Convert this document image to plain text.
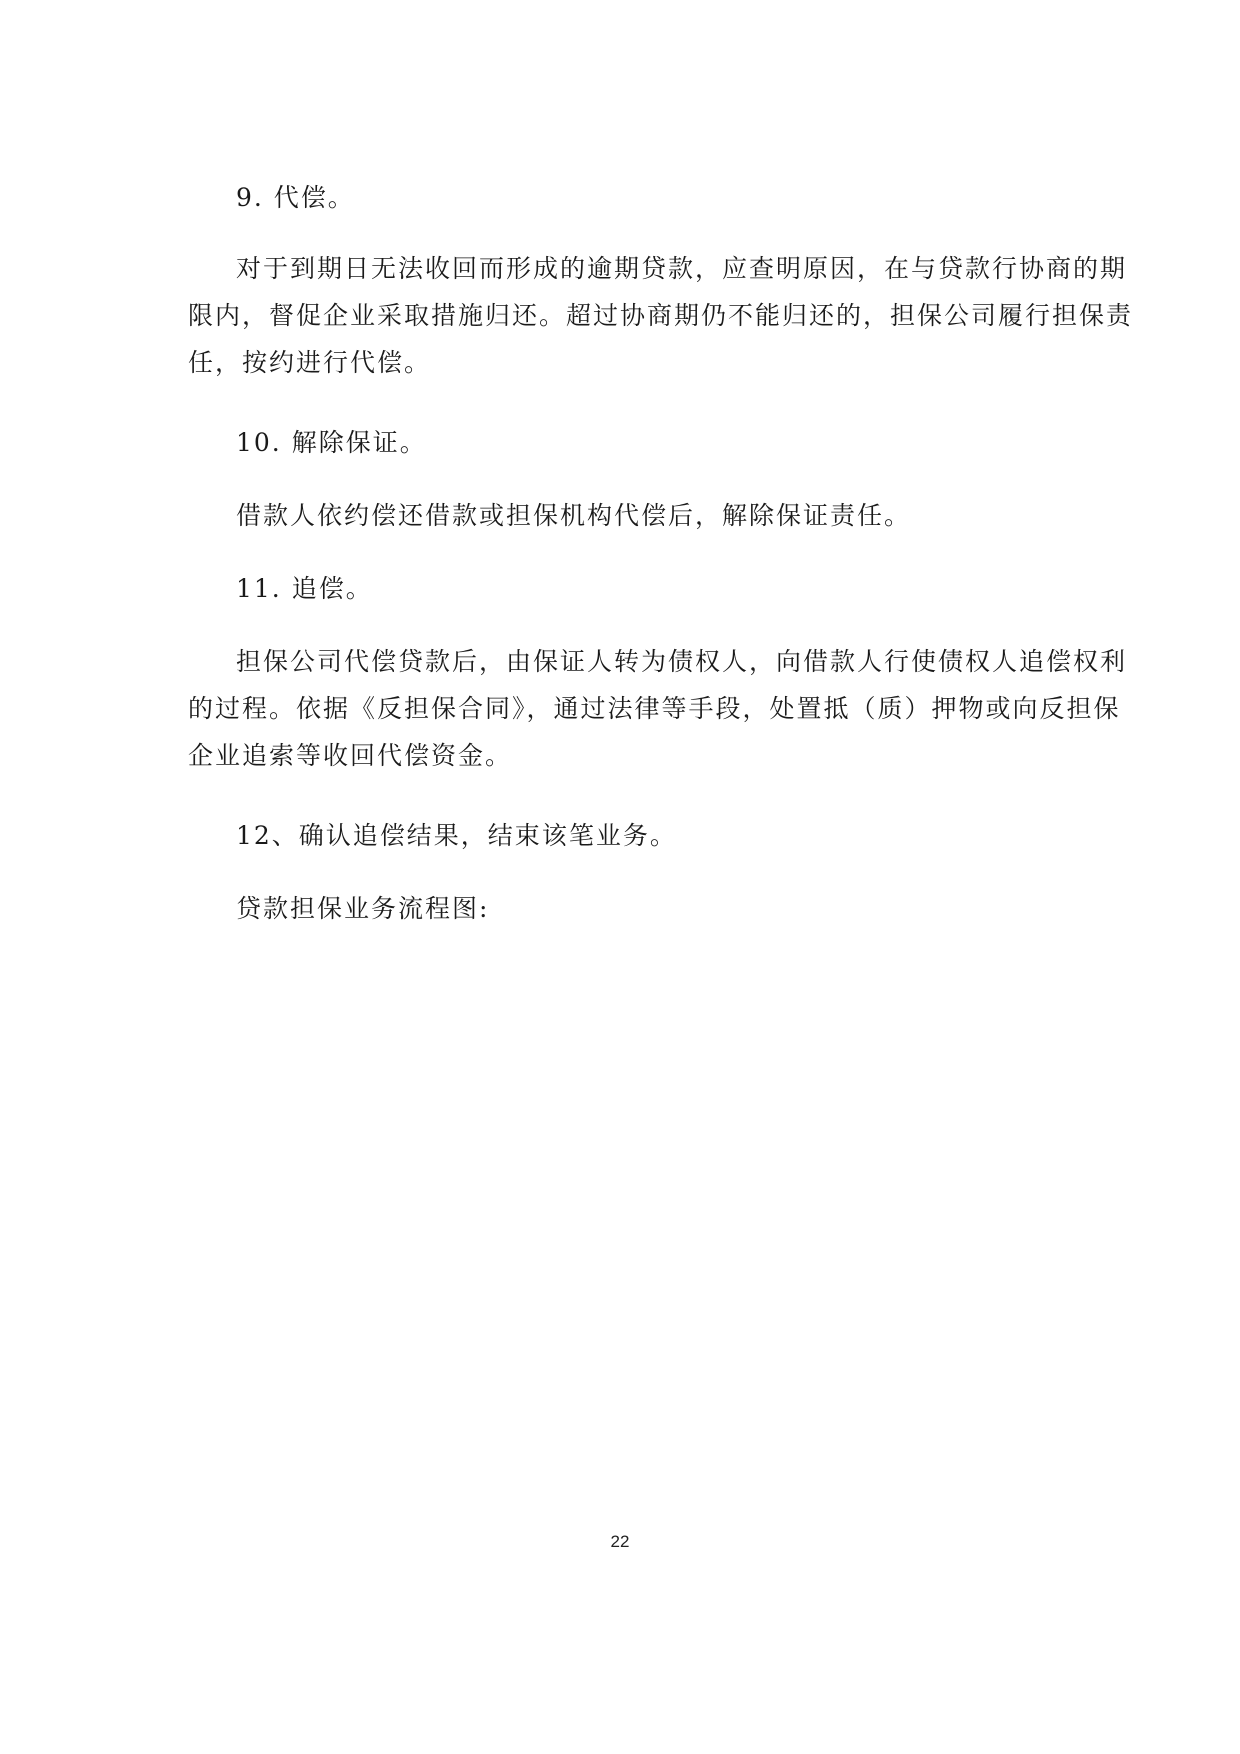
9. 代偿。
对于到期日无法收回而形成的逾期贷款，应查明原因，在与贷款行协商的期
限内，督促企业采取措施归还。超过协商期仍不能归还的，担保公司履行担保责
任，按约进行代偿。
10. 解除保证。
借款人依约偿还借款或担保机构代偿后，解除保证责任。
11. 追偿。
担保公司代偿贷款后，由保证人转为债权人，向借款人行使债权人追偿权利
的过程。依据《反担保合同》，通过法律等手段，处置抵（质）押物或向反担保
企业追索等收回代偿资金。
12、确认追偿结果，结束该笔业务。
贷款担保业务流程图:
22
